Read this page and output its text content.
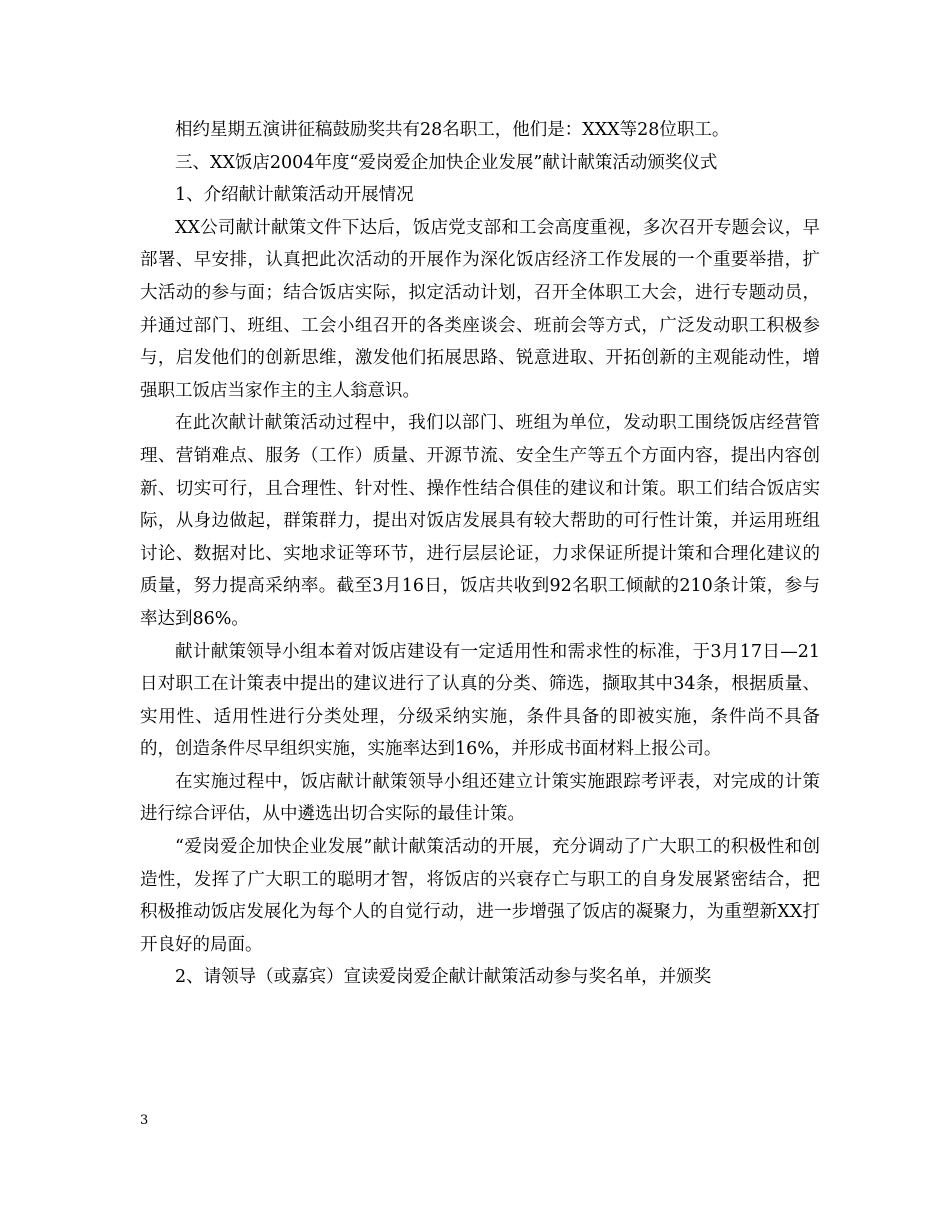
相约星期五演讲征稿鼓励奖共有28名职工，他们是：XXX等28位职工。

三、XX饭店2004年度“爱岗爱企加快企业发展”献计献策活动颁奖仪式

1、介绍献计献策活动开展情况

XX公司献计献策文件下达后，饭店党支部和工会高度重视，多次召开专题会议，早部署、早安排，认真把此次活动的开展作为深化饭店经济工作发展的一个重要举措，扩大活动的参与面；结合饭店实际，拟定活动计划，召开全体职工大会，进行专题动员，并通过部门、班组、工会小组召开的各类座谈会、班前会等方式，广泛发动职工积极参与，启发他们的创新思维，激发他们拓展思路、锐意进取、开拓创新的主观能动性，增强职工饭店当家作主的主人翁意识。

在此次献计献策活动过程中，我们以部门、班组为单位，发动职工围绕饭店经营管理、营销难点、服务（工作）质量、开源节流、安全生产等五个方面内容，提出内容创新、切实可行，且合理性、针对性、操作性结合俱佳的建议和计策。职工们结合饭店实际，从身边做起，群策群力，提出对饭店发展具有较大帮助的可行性计策，并运用班组讨论、数据对比、实地求证等环节，进行层层论证，力求保证所提计策和合理化建议的质量，努力提高采纳率。截至3月16日，饭店共收到92名职工倾献的210条计策，参与率达到86%。

献计献策领导小组本着对饭店建设有一定适用性和需求性的标准，于3月17日—21日对职工在计策表中提出的建议进行了认真的分类、筛选，撷取其中34条，根据质量、实用性、适用性进行分类处理，分级采纳实施，条件具备的即被实施，条件尚不具备的，创造条件尽早组织实施，实施率达到16%，并形成书面材料上报公司。

在实施过程中，饭店献计献策领导小组还建立计策实施跟踪考评表，对完成的计策进行综合评估，从中遴选出切合实际的最佳计策。

“爱岗爱企加快企业发展”献计献策活动的开展，充分调动了广大职工的积极性和创造性，发挥了广大职工的聪明才智，将饭店的兴衰存亡与职工的自身发展紧密结合，把积极推动饭店发展化为每个人的自觉行动，进一步增强了饭店的凝聚力，为重塑新XX打开良好的局面。

2、请领导（或嘉宾）宣读爱岗爱企献计献策活动参与奖名单，并颁奖

3
